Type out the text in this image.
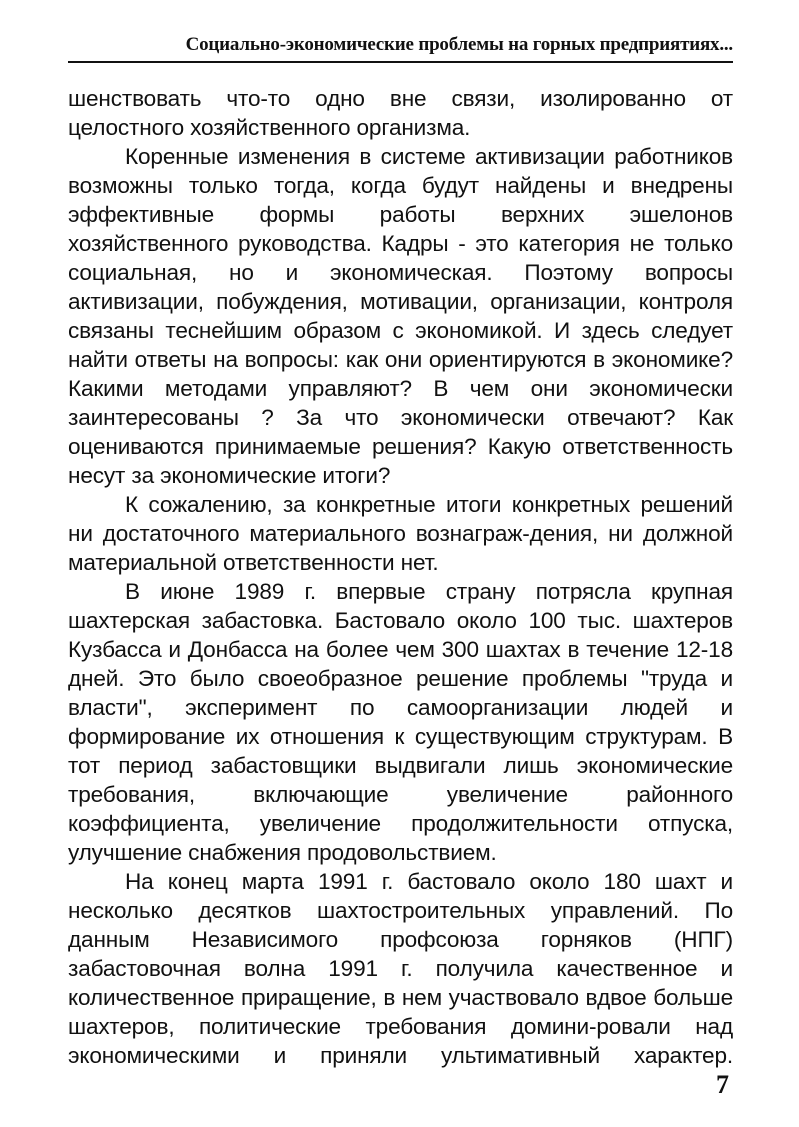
Социально-экономические проблемы на горных предприятиях...

шенствовать что-то одно вне связи, изолированно от целостного хозяйственного организма.

Коренные изменения в системе активизации работников возможны только тогда, когда будут найдены и внедрены эффективные формы работы верхних эшелонов хозяйственного руководства. Кадры - это категория не только социальная, но и экономическая. Поэтому вопросы активизации, побуждения, мотивации, организации, контроля связаны теснейшим образом с экономикой. И здесь следует найти ответы на вопросы: как они ориентируются в экономике? Какими методами управляют? В чем они экономически заинтересованы ? За что экономически отвечают? Как оцениваются принимаемые решения? Какую ответственность несут за экономические итоги?

К сожалению, за конкретные итоги конкретных решений ни достаточного материального вознаграж-дения, ни должной материальной ответственности нет.

В июне 1989 г. впервые страну потрясла крупная шахтерская забастовка. Бастовало около 100 тыс. шахтеров Кузбасса и Донбасса на более чем 300 шахтах в течение 12-18 дней. Это было своеобразное решение проблемы "труда и власти", эксперимент по самоорганизации людей и формирование их отношения к существующим структурам. В тот период забастовщики выдвигали лишь экономические требования, включающие увеличение районного коэффициента, увеличение продолжительности отпуска, улучшение снабжения продовольствием.

На конец марта 1991 г. бастовало около 180 шахт и несколько десятков шахтостроительных управлений. По данным Независимого профсоюза горняков (НПГ) забастовочная волна 1991 г. получила качественное и количественное приращение, в нем участвовало вдвое больше шахтеров, политические требования домини-ровали над экономическими и приняли ультимативный характер.

7
